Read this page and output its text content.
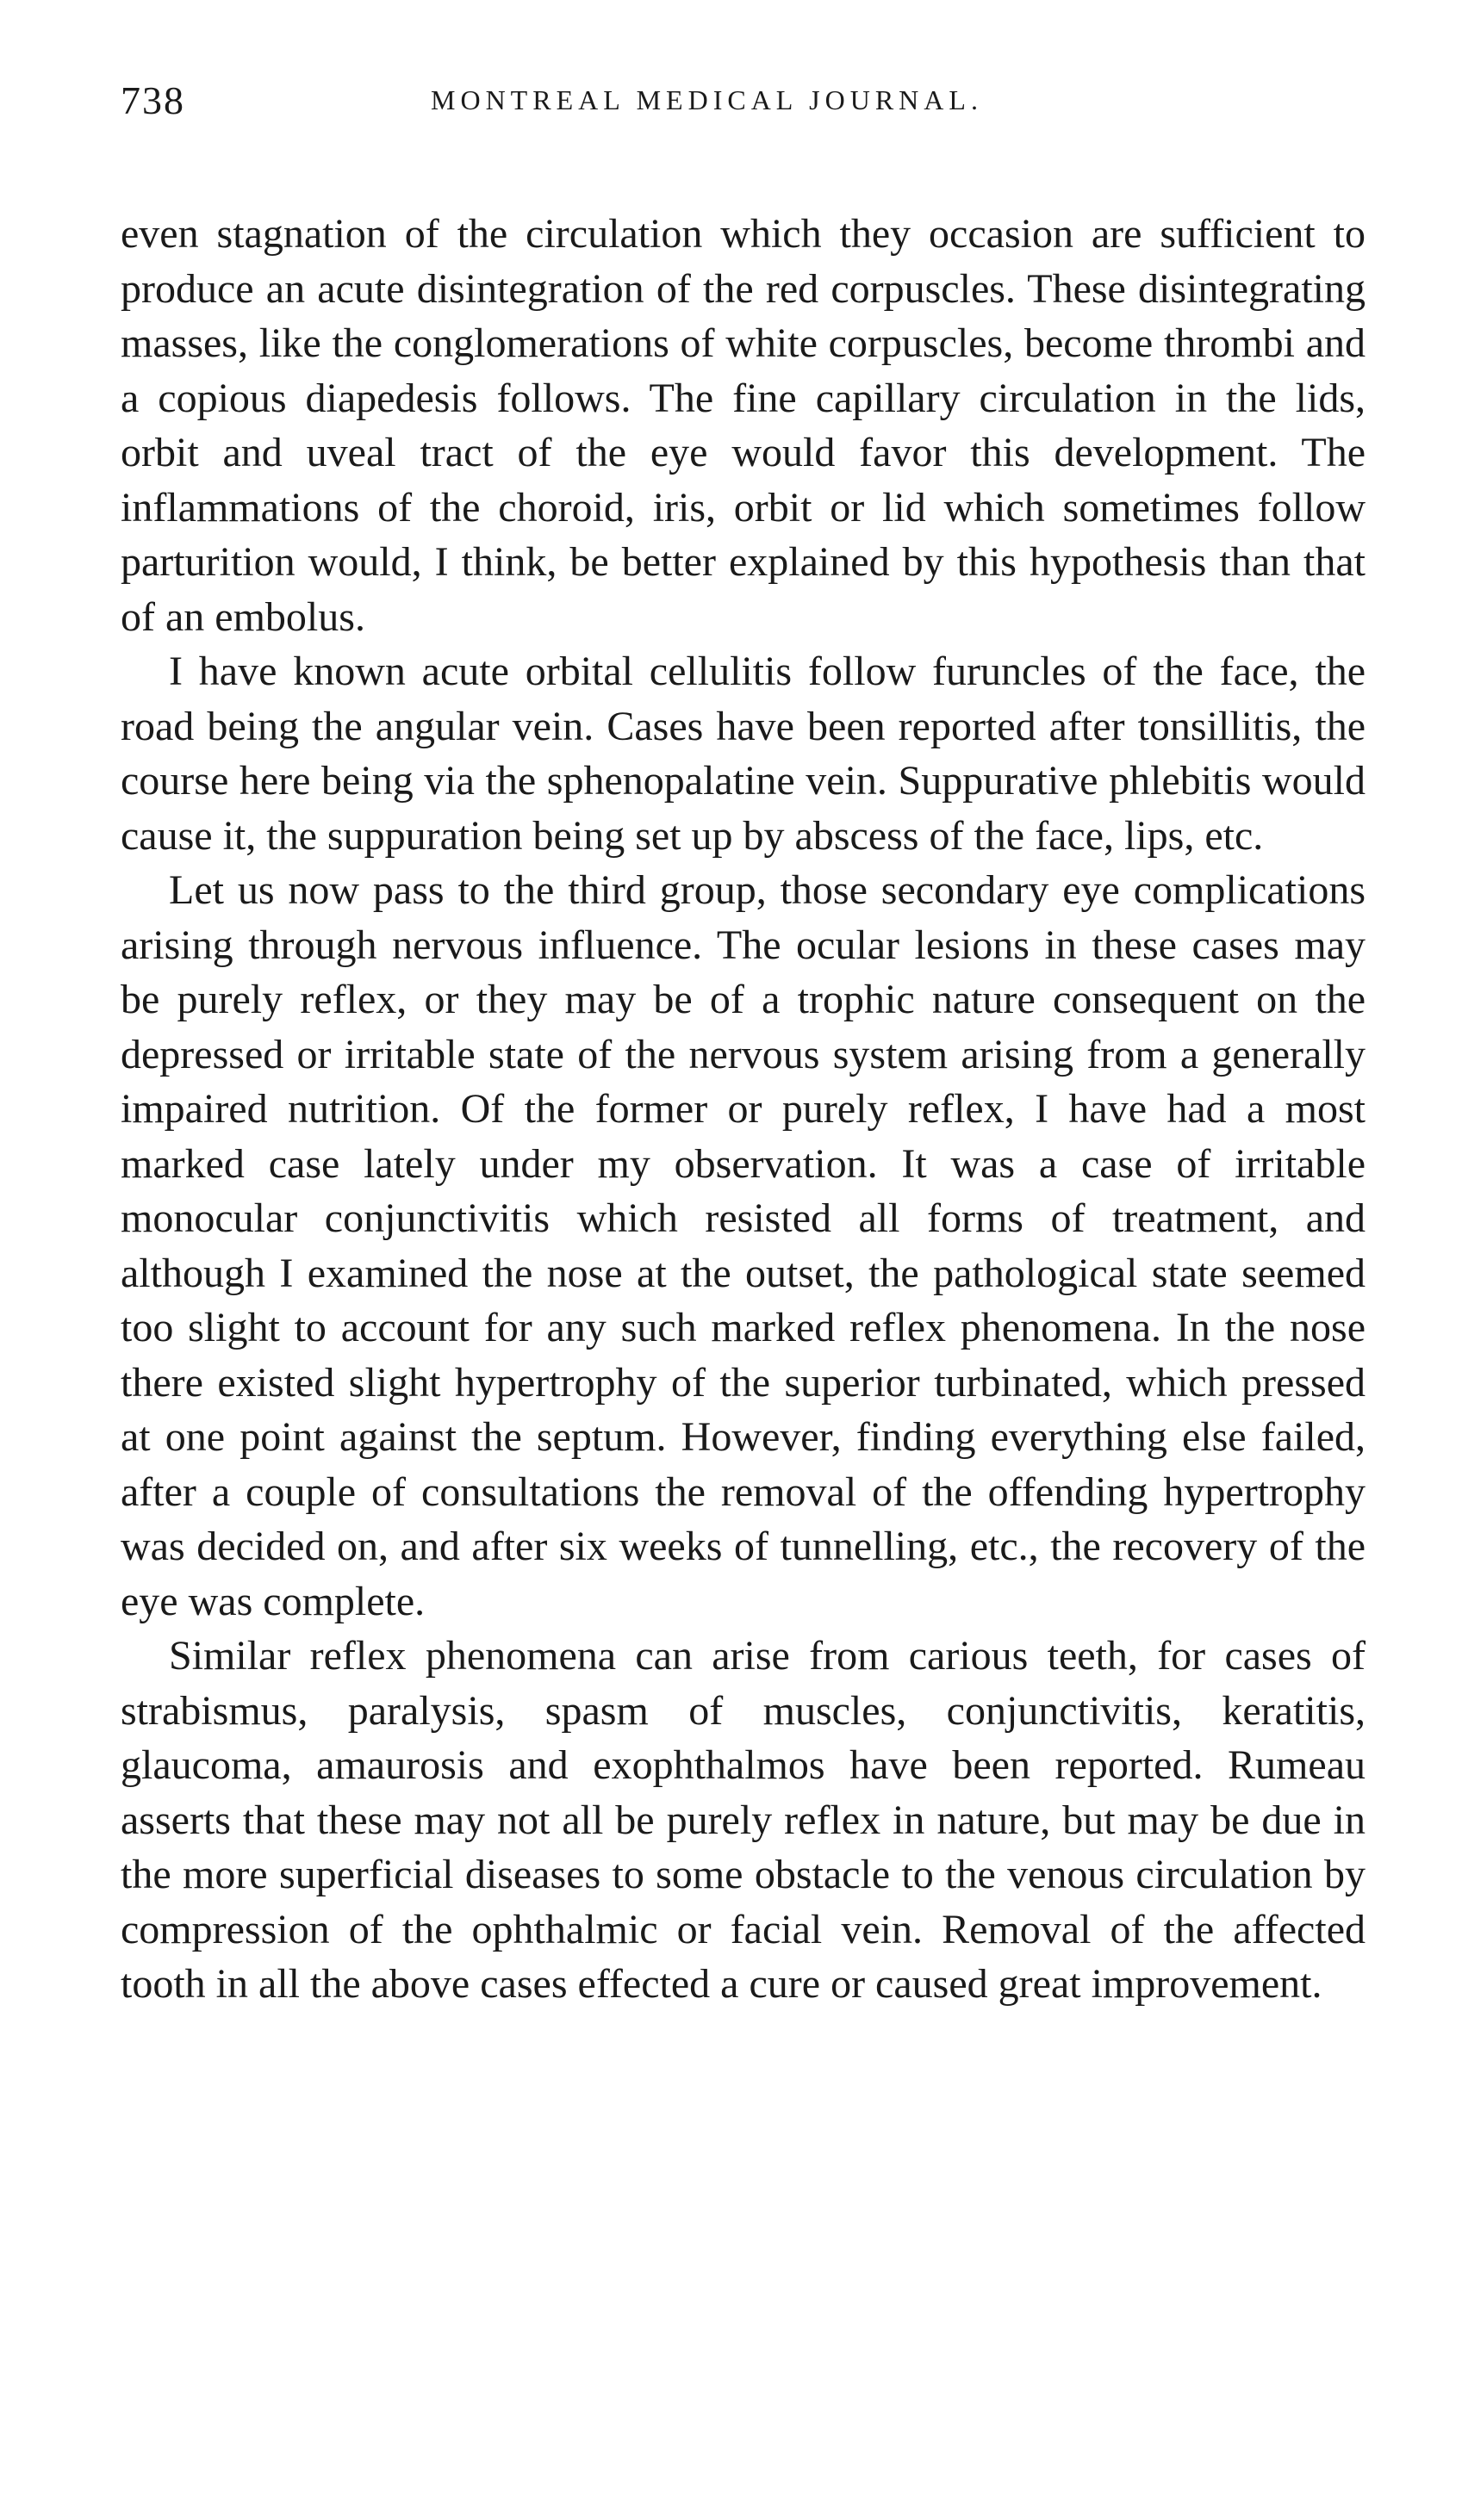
738	MONTREAL MEDICAL JOURNAL.

even stagnation of the circulation which they occasion are sufficient to produce an acute disintegration of the red corpuscles. These disintegrating masses, like the conglomerations of white corpuscles, become thrombi and a copious diapedesis follows. The fine capillary circulation in the lids, orbit and uveal tract of the eye would favor this development. The inflammations of the choroid, iris, orbit or lid which sometimes follow parturition would, I think, be better explained by this hypothesis than that of an embolus.

I have known acute orbital cellulitis follow furuncles of the face, the road being the angular vein. Cases have been reported after tonsillitis, the course here being via the sphenopalatine vein. Suppurative phlebitis would cause it, the suppuration being set up by abscess of the face, lips, etc.

Let us now pass to the third group, those secondary eye complications arising through nervous influence. The ocular lesions in these cases may be purely reflex, or they may be of a trophic nature consequent on the depressed or irritable state of the nervous system arising from a generally impaired nutrition. Of the former or purely reflex, I have had a most marked case lately under my observation. It was a case of irritable monocular conjunctivitis which resisted all forms of treatment, and although I examined the nose at the outset, the pathological state seemed too slight to account for any such marked reflex phenomena. In the nose there existed slight hypertrophy of the superior turbinated, which pressed at one point against the septum. However, finding everything else failed, after a couple of consultations the removal of the offending hypertrophy was decided on, and after six weeks of tunnelling, etc., the recovery of the eye was complete.

Similar reflex phenomena can arise from carious teeth, for cases of strabismus, paralysis, spasm of muscles, conjunctivitis, keratitis, glaucoma, amaurosis and exophthalmos have been reported. Rumeau asserts that these may not all be purely reflex in nature, but may be due in the more superficial diseases to some obstacle to the venous circulation by compression of the ophthalmic or facial vein. Removal of the affected tooth in all the above cases effected a cure or caused great improvement.
